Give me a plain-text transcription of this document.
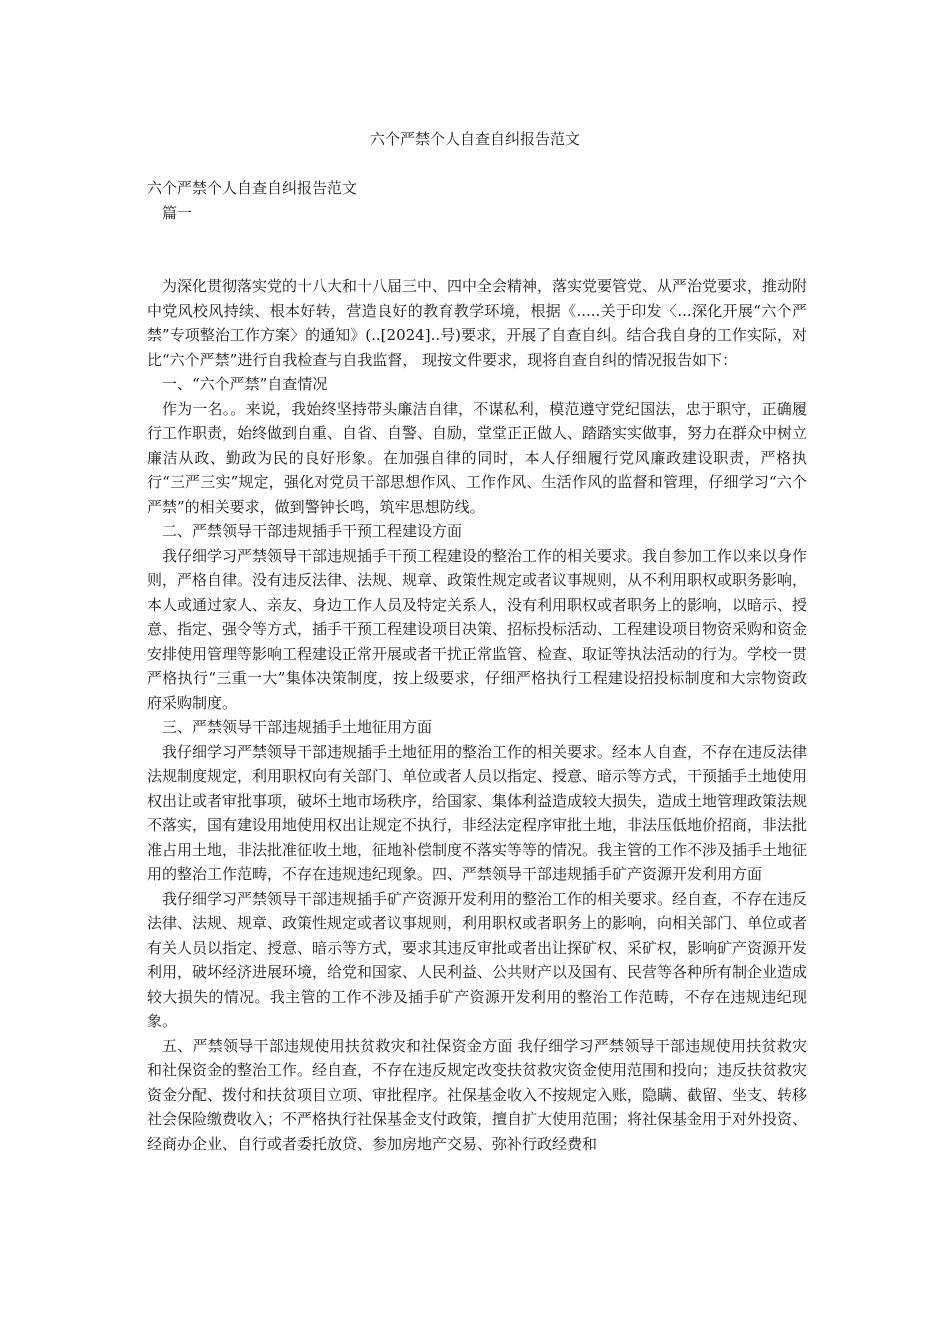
六个严禁个人自查自纠报告范文

六个严禁个人自查自纠报告范文

篇一

为深化贯彻落实党的十八大和十八届三中、四中全会精神，落实党要管党、从严治党要求，推动附中党风校风持续、根本好转，营造良好的教育教学环境，根据《.....关于印发〈...深化开展“六个严禁”专项整治工作方案〉的通知》(..[2024]..号)要求，开展了自查自纠。结合我自身的工作实际，对比“六个严禁”进行自我检查与自我监督， 现按文件要求，现将自查自纠的情况报告如下：

一、“六个严禁”自查情况

作为一名。。来说，我始终坚持带头廉洁自律，不谋私利，模范遵守党纪国法，忠于职守，正确履行工作职责，始终做到自重、自省、自警、自励，堂堂正正做人、踏踏实实做事，努力在群众中树立廉洁从政、勤政为民的良好形象。在加强自律的同时，本人仔细履行党风廉政建设职责，严格执行“三严三实”规定，强化对党员干部思想作风、工作作风、生活作风的监督和管理，仔细学习“六个严禁”的相关要求，做到警钟长鸣，筑牢思想防线。

二、严禁领导干部违规插手干预工程建设方面

我仔细学习严禁领导干部违规插手干预工程建设的整治工作的相关要求。我自参加工作以来以身作则，严格自律。没有违反法律、法规、规章、政策性规定或者议事规则，从不利用职权或职务影响，本人或通过家人、亲友、身边工作人员及特定关系人，没有利用职权或者职务上的影响，以暗示、授意、指定、强令等方式，插手干预工程建设项目决策、招标投标活动、工程建设项目物资采购和资金安排使用管理等影响工程建设正常开展或者干扰正常监管、检查、取证等执法活动的行为。学校一贯严格执行“三重一大”集体决策制度，按上级要求，仔细严格执行工程建设招投标制度和大宗物资政府采购制度。

三、严禁领导干部违规插手土地征用方面

我仔细学习严禁领导干部违规插手土地征用的整治工作的相关要求。经本人自查，不存在违反法律法规制度规定，利用职权向有关部门、单位或者人员以指定、授意、暗示等方式，干预插手土地使用权出让或者审批事项，破坏土地市场秩序，给国家、集体利益造成较大损失，造成土地管理政策法规不落实，国有建设用地使用权出让规定不执行，非经法定程序审批土地，非法压低地价招商，非法批准占用土地，非法批准征收土地，征地补偿制度不落实等等的情况。我主管的工作不涉及插手土地征用的整治工作范畴，不存在违规违纪现象。四、严禁领导干部违规插手矿产资源开发利用方面

我仔细学习严禁领导干部违规插手矿产资源开发利用的整治工作的相关要求。经自查，不存在违反法律、法规、规章、政策性规定或者议事规则，利用职权或者职务上的影响，向相关部门、单位或者有关人员以指定、授意、暗示等方式，要求其违反审批或者出让探矿权、采矿权，影响矿产资源开发利用，破坏经济进展环境，给党和国家、人民利益、公共财产以及国有、民营等各种所有制企业造成较大损失的情况。我主管的工作不涉及插手矿产资源开发利用的整治工作范畴，不存在违规违纪现象。

五、严禁领导干部违规使用扶贫救灾和社保资金方面 我仔细学习严禁领导干部违规使用扶贫救灾和社保资金的整治工作。经自查，不存在违反规定改变扶贫救灾资金使用范围和投向；违反扶贫救灾资金分配、拨付和扶贫项目立项、审批程序。社保基金收入不按规定入账，隐瞒、截留、坐支、转移社会保险缴费收入；不严格执行社保基金支付政策，擅自扩大使用范围；将社保基金用于对外投资、经商办企业、自行或者委托放贷、参加房地产交易、弥补行政经费和
